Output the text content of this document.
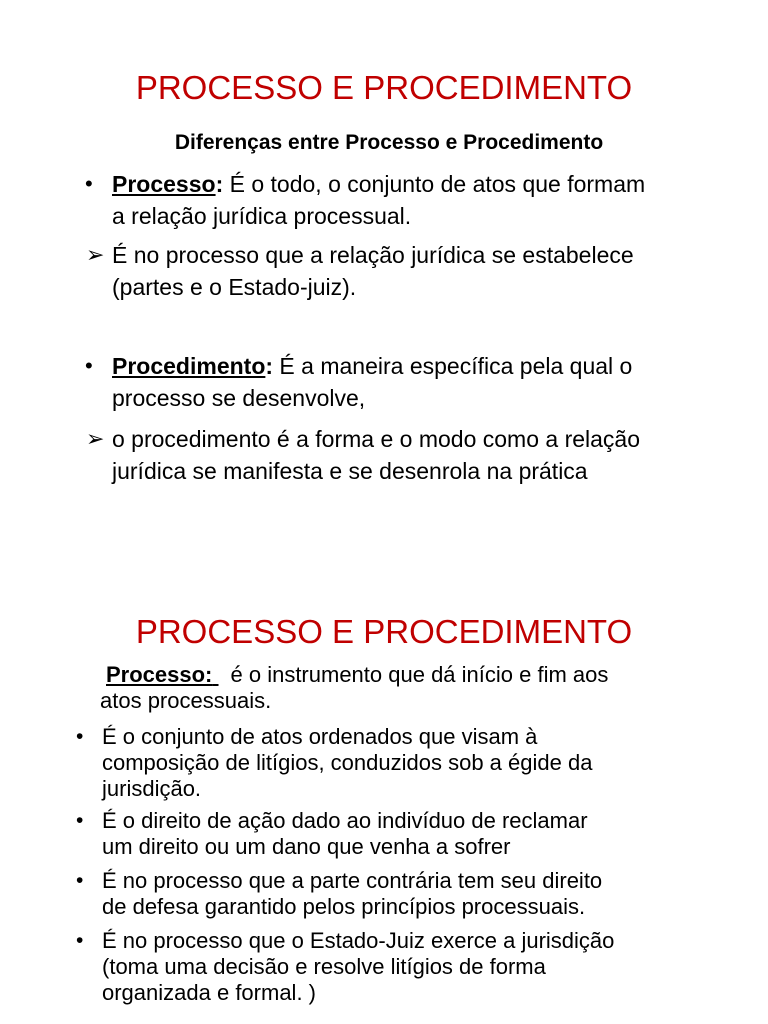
PROCESSO E PROCEDIMENTO
Diferenças entre Processo e Procedimento
• Processo: É o todo, o conjunto de atos que formam
a relação jurídica processual.
➢ É no processo que a relação jurídica se estabelece
(partes e o Estado-juiz).
• Procedimento: É a maneira específica pela qual o
processo se desenvolve,
➢ o procedimento é a forma e o modo como a relação
jurídica se manifesta e se desenrola na prática
PROCESSO E PROCEDIMENTO
Processo:  é o instrumento que dá início e fim aos
atos processuais.
• É o conjunto de atos ordenados que visam à
composição de litígios, conduzidos sob a égide da
jurisdição.
• É o direito de ação dado ao indivíduo de reclamar
um direito ou um dano que venha a sofrer
• É no processo que a parte contrária tem seu direito
de defesa garantido pelos princípios processuais.
• É no processo que o Estado-Juiz exerce a jurisdição
(toma uma decisão e resolve litígios de forma
organizada e formal. )
